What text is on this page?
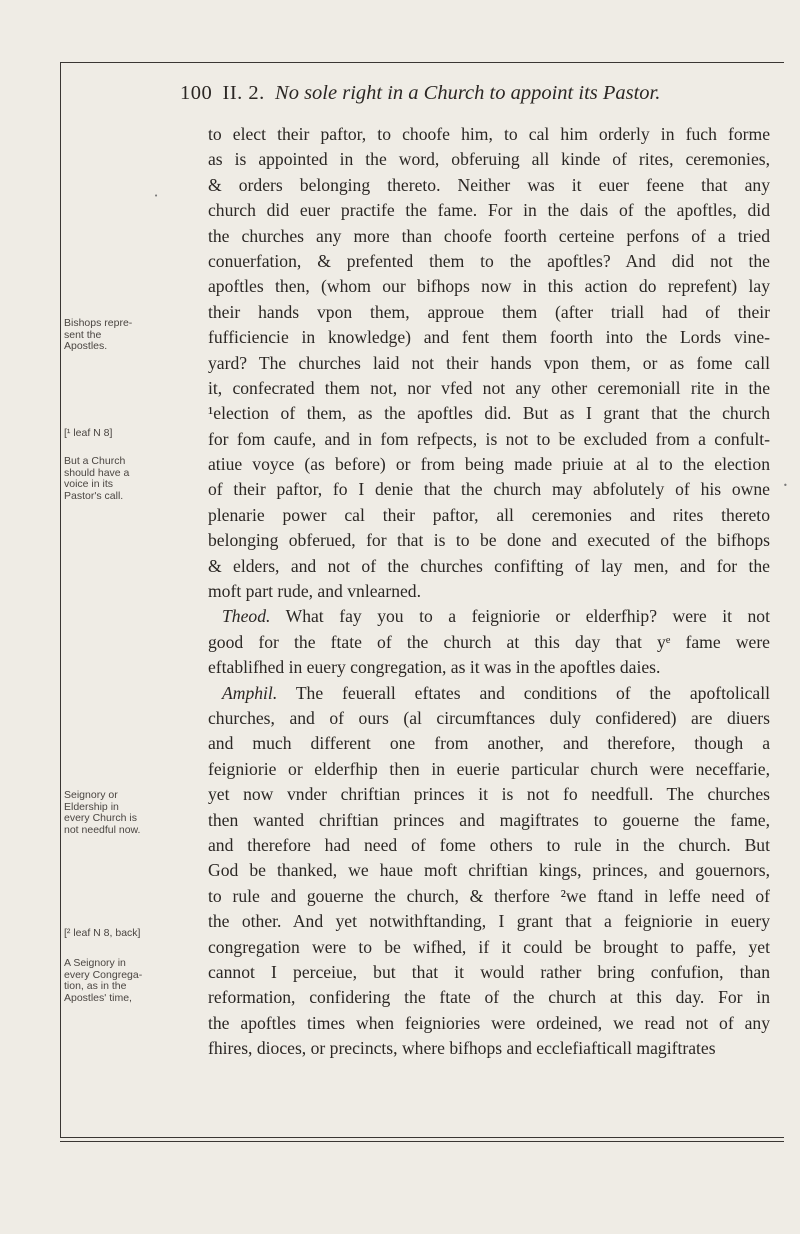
100 II. 2. No sole right in a Church to appoint its Pastor.
to elect their paftor, to choofe him, to cal him orderly in fuch forme
as is appointed in the word, obferuing all kinde of rites, ceremonies,
& orders belonging thereto. Neither was it euer feene that any
church did euer practife the fame. For in the dais of the apoftles, did
the churches any more than choofe foorth certeine perfons of a tried
conuerfation, & prefented them to the apoftles? And did not the
apoftles then, (whom our bifhops now in this action do reprefent) lay
their hands vpon them, approue them (after triall had of their
fufficiencie in knowledge) and fent them foorth into the Lords vine-
yard? The churches laid not their hands vpon them, or as fome call
it, confecrated them not, nor vfed not any other ceremoniall rite in the
¹election of them, as the apoftles did. But as I grant that the church
for fom caufe, and in fom refpects, is not to be excluded from a confult-
atiue voyce (as before) or from being made priuie at al to the election
of their paftor, fo I denie that the church may abfolutely of his owne
plenarie power cal their paftor, all ceremonies and rites thereto
belonging obferued, for that is to be done and executed of the bifhops
& elders, and not of the churches confifting of lay men, and for the
moft part rude, and vnlearned.
Theod. What fay you to a feigniorie or elderfhip? were it not
good for the ftate of the church at this day that yᵉ fame were
eftablifhed in euery congregation, as it was in the apoftles daies.
Amphil. The feuerall eftates and conditions of the apoftolicall
churches, and of ours (al circumftances duly confidered) are diuers
and much different one from another, and therefore, though a
feigniorie or elderfhip then in euerie particular church were neceffarie,
yet now vnder chriftian princes it is not fo needfull. The churches
then wanted chriftian princes and magiftrates to gouerne the fame,
and therefore had need of fome others to rule in the church. But
God be thanked, we haue moft chriftian kings, princes, and gouernors,
to rule and gouerne the church, & therfore ²we ftand in leffe need of
the other. And yet notwithftanding, I grant that a feigniorie in euery
congregation were to be wifhed, if it could be brought to paffe, yet
cannot I perceiue, but that it would rather bring confufion, than
reformation, confidering the ftate of the church at this day. For in
the apoftles times when feigniories were ordeined, we read not of any
fhires, dioces, or precincts, where bifhops and ecclefiafticall magiftrates
Bishops repre-
sent the
Apostles.
[¹ leaf N 8]
But a Church
should have a
voice in its
Pastor's call.
Seignory or
Eldership in
every Church is
not needful now.
[² leaf N 8, back]
A Seignory in
every Congrega-
tion, as in the
Apostles' time,
•
•
